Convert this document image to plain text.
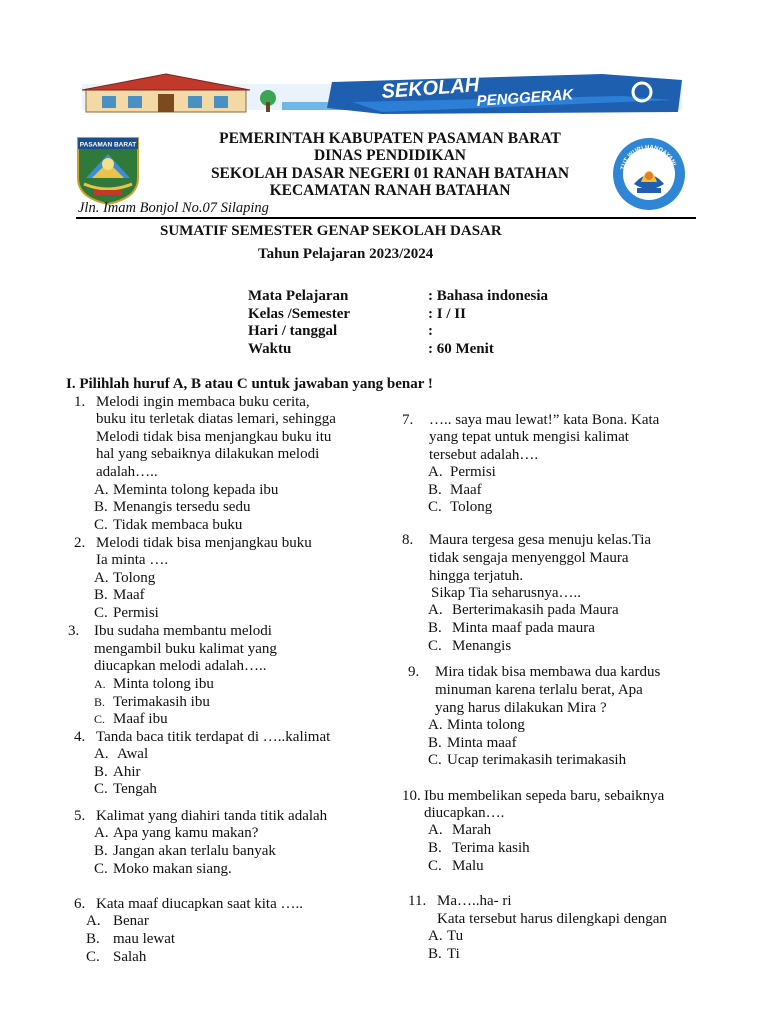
SEKOLAH
PENGGERAK
PASAMAN BARAT
TUT WURI HANDAYANI
PEMERINTAH KABUPATEN PASAMAN BARAT
DINAS PENDIDIKAN
SEKOLAH DASAR NEGERI 01 RANAH BATAHAN
KECAMATAN RANAH BATAHAN
Jln. Imam Bonjol No.07 Silaping
SUMATIF SEMESTER GENAP SEKOLAH DASAR
Tahun Pelajaran 2023/2024
Mata Pelajaran	: Bahasa indonesia
Kelas /Semester	: I / II
Hari / tanggal	:
Waktu	: 60 Menit
I. Pilihlah huruf A, B atau C untuk jawaban yang benar !
1. Melodi ingin membaca buku cerita,
buku itu terletak diatas lemari, sehingga
Melodi tidak bisa menjangkau buku itu
hal yang sebaiknya dilakukan melodi
adalah…..
A. Meminta tolong kepada ibu
B. Menangis tersedu sedu
C. Tidak membaca buku
2. Melodi tidak bisa menjangkau buku
Ia minta ….
A. Tolong
B. Maaf
C. Permisi
3. Ibu sudaha membantu melodi
mengambil buku kalimat yang
diucapkan melodi adalah…..
A. Minta tolong ibu
B. Terimakasih ibu
C. Maaf ibu
4. Tanda baca titik terdapat di …..kalimat
A. Awal
B. Ahir
C. Tengah
5. Kalimat yang diahiri tanda titik adalah
A. Apa yang kamu makan?
B. Jangan akan terlalu banyak
C. Moko makan siang.
6. Kata maaf diucapkan saat kita …..
A. Benar
B. mau lewat
C. Salah
7. ….. saya mau lewat!” kata Bona. Kata
yang tepat untuk mengisi kalimat
tersebut adalah….
A. Permisi
B. Maaf
C. Tolong
8. Maura tergesa gesa menuju kelas.Tia
tidak sengaja menyenggol Maura
hingga terjatuh.
Sikap Tia seharusnya…..
A. Berterimakasih pada Maura
B. Minta maaf pada maura
C. Menangis
9. Mira tidak bisa membawa dua kardus
minuman karena terlalu berat, Apa
yang harus dilakukan Mira ?
A. Minta tolong
B. Minta maaf
C. Ucap terimakasih terimakasih
10. Ibu membelikan sepeda baru, sebaiknya
diucapkan….
A. Marah
B. Terima kasih
C. Malu
11. Ma…..ha- ri
Kata tersebut harus dilengkapi dengan
A. Tu
B. Ti
